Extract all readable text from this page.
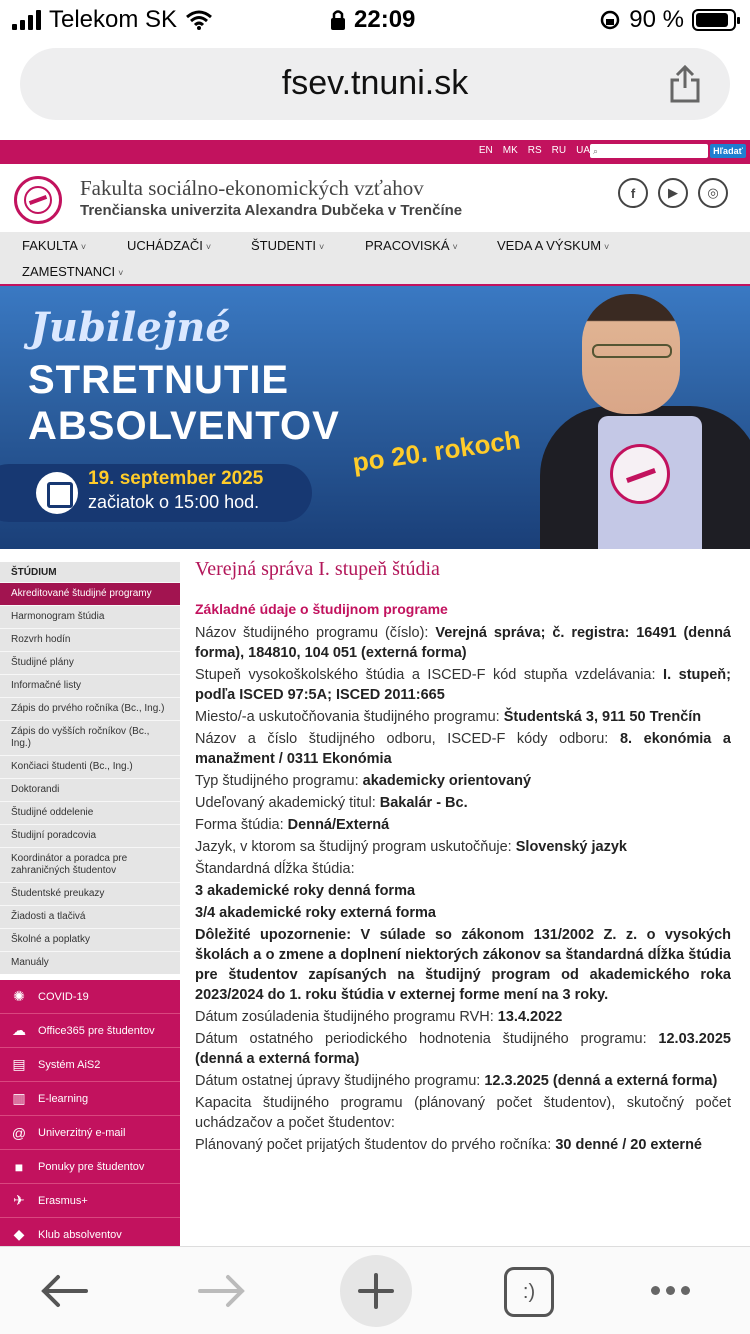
Telekom SK	22:09	90 %
fsev.tnuni.sk
EN MK RS RU UA ⌕	Hľadať
Fakulta sociálno-ekonomických vzťahov
Trenčianska univerzita Alexandra Dubčeka v Trenčíne
f	▶	◎
FAKULTA ˅	UCHÁDZAČI ˅	ŠTUDENTI ˅	PRACOVISKÁ ˅	VEDA A VÝSKUM ˅
ZAMESTNANCI ˅
Jubilejné
STRETNUTIE
ABSOLVENTOV
19. september 2025
začiatok o 15:00 hod.
po 20. rokoch
ŠTÚDIUM
Akreditované študijné programy
Harmonogram štúdia
Rozvrh hodín
Študijné plány
Informačné listy
Zápis do prvého ročníka (Bc., Ing.)
Zápis do vyšších ročníkov (Bc., Ing.)
Končiaci študenti (Bc., Ing.)
Doktorandi
Študijné oddelenie
Študijní poradcovia
Koordinátor a poradca pre zahraničných študentov
Študentské preukazy
Žiadosti a tlačivá
Školné a poplatky
Manuály
✺ COVID-19
☁ Office365 pre študentov
▤ Systém AiS2
▥ E-learning
@ Univerzitný e-mail
■	Ponuky pre študentov
✈ Erasmus+
◆	Klub absolventov
Verejná správa I. stupeň štúdia
Základné údaje o študijnom programe

Názov študijného programu (číslo): Verejná správa; č. registra: 16491 (denná forma), 184810, 104 051 (externá forma)

Stupeň vysokoškolského štúdia a ISCED-F kód stupňa vzdelávania: I. stupeň; podľa ISCED 97:5A; ISCED 2011:665

Miesto/-a uskutočňovania študijného programu: Študentská 3, 911 50 Trenčín

Názov a číslo študijného odboru, ISCED-F kódy odboru: 8. ekonómia a manažment / 0311 Ekonómia

Typ študijného programu: akademicky orientovaný

Udeľovaný akademický titul: Bakalár - Bc.

Forma štúdia: Denná/Externá

Jazyk, v ktorom sa študijný program uskutočňuje: Slovenský jazyk

Štandardná dĺžka štúdia:

3 akademické roky denná forma

3/4 akademické roky externá forma

Dôležité upozornenie: V súlade so zákonom 131/2002 Z. z. o vysokých školách a o zmene a doplnení niektorých zákonov sa štandardná dĺžka štúdia pre študentov zapísaných na študijný program od akademického roka 2023/2024 do 1. roku štúdia v externej forme mení na 3 roky.

Dátum zosúladenia študijného programu RVH: 13.4.2022

Dátum ostatného periodického hodnotenia študijného programu: 12.03.2025 (denná a externá forma)

Dátum ostatnej úpravy študijného programu: 12.3.2025 (denná a externá forma)

Kapacita študijného programu (plánovaný počet študentov), skutočný počet uchádzačov a počet študentov:

Plánovaný počet prijatých študentov do prvého ročníka: 30 denné / 20 externé

:)
